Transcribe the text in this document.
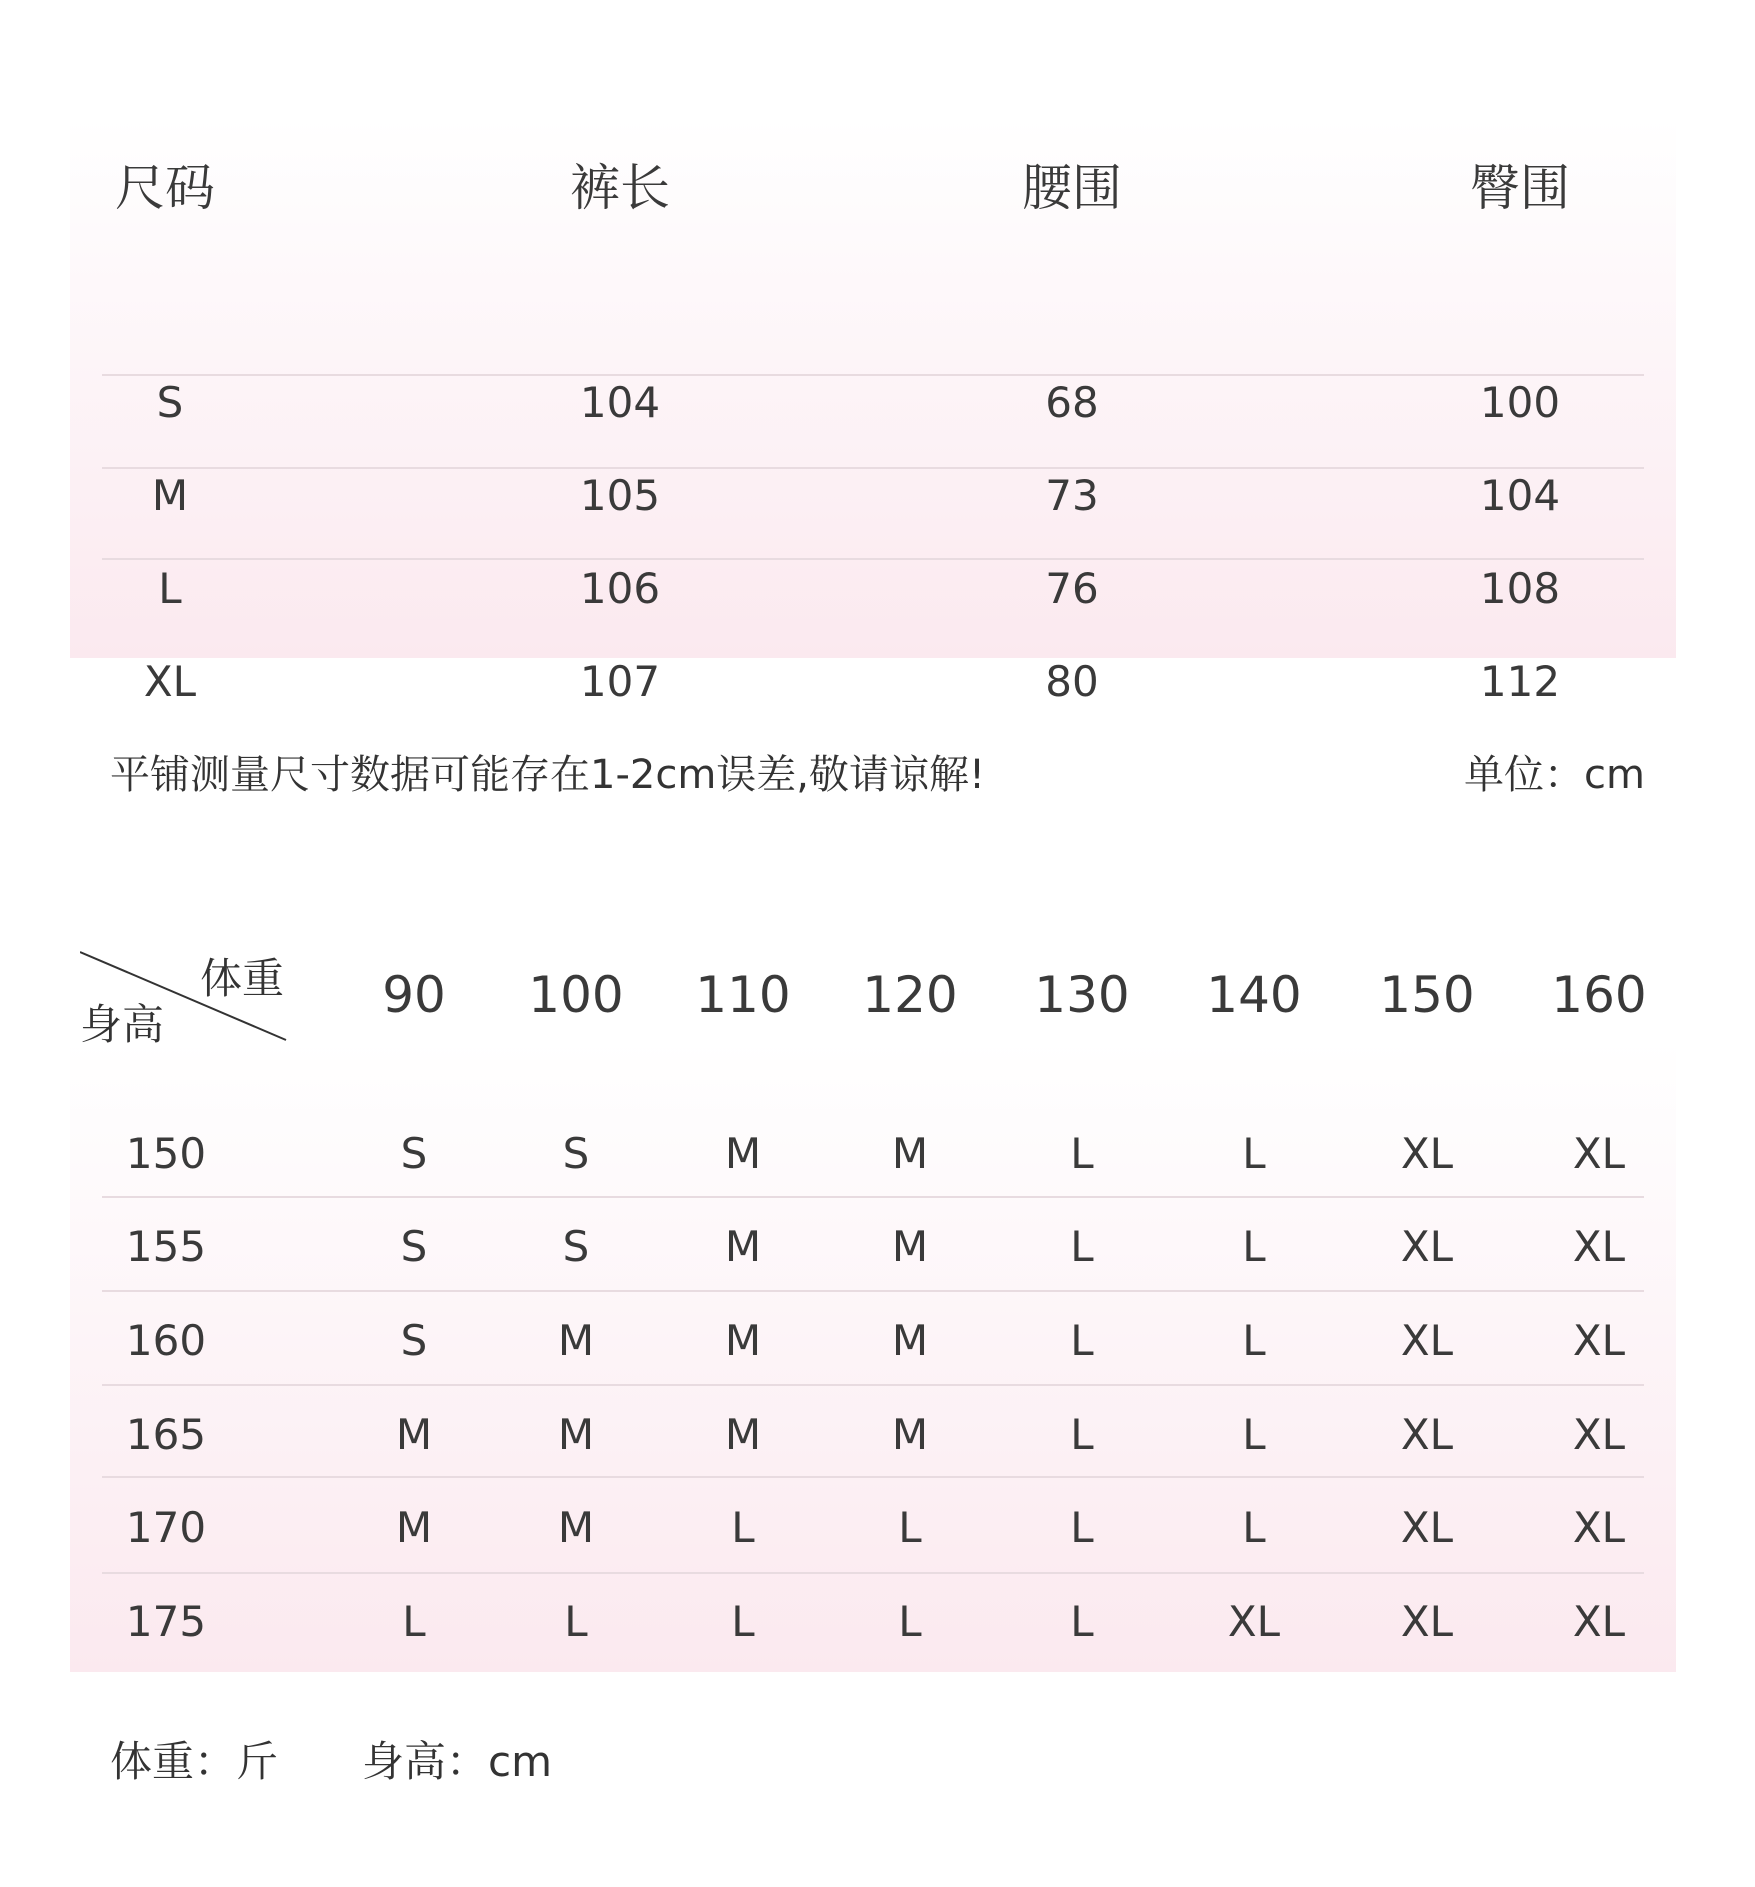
尺码	裤长	腰围	臀围
S	104	68	100
M	105	73	104
L	106	76	108
XL	107	80	112
平铺测量尺寸数据可能存在1-2cm误差,敬请谅解!	单位：cm
体重
身高
90	100	110	120	130	140	150	160
150	S	S	M	M	L	L	XL	XL
155	S	S	M	M	L	L	XL	XL
160	S	M	M	M	L	L	XL	XL
165	M	M	M	M	L	L	XL	XL
170	M	M	L	L	L	L	XL	XL
175	L	L	L	L	L	XL	XL	XL
体重：斤 身高：cm
